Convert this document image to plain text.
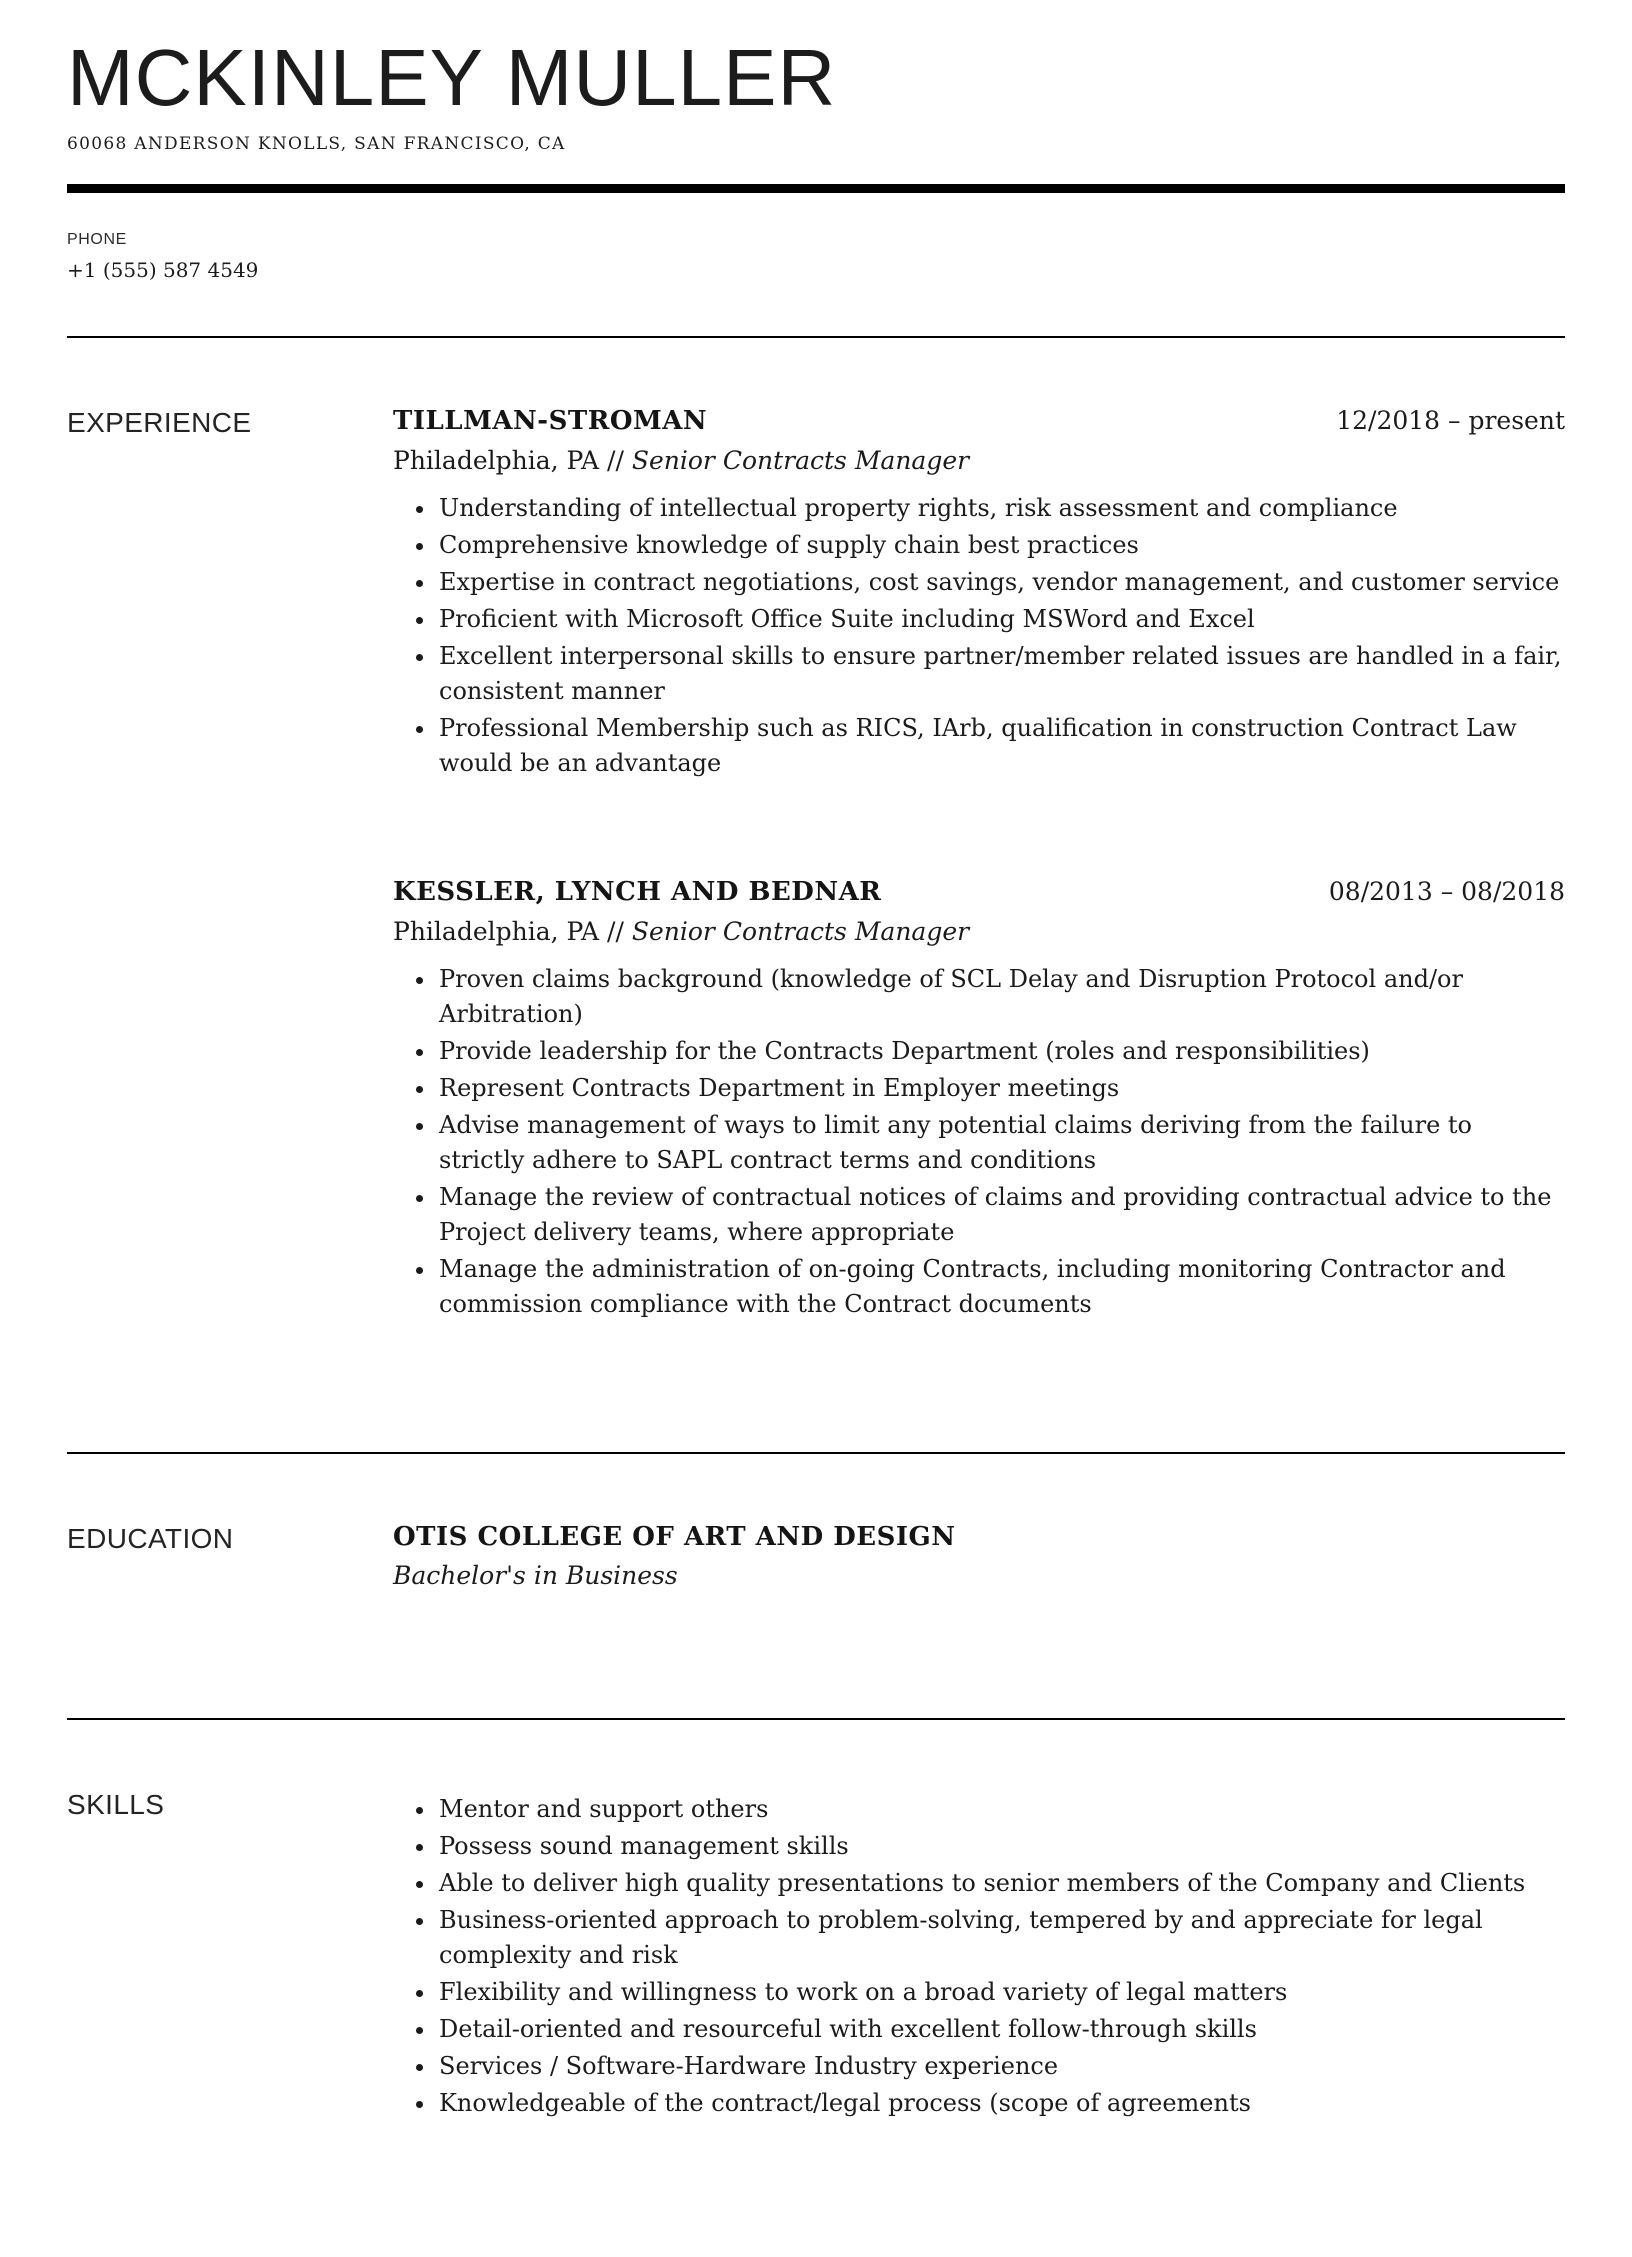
MCKINLEY MULLER
60068 ANDERSON KNOLLS, SAN FRANCISCO, CA
PHONE
+1 (555) 587 4549
EXPERIENCE	TILLMAN-STROMAN	12/2018 – present
Philadelphia, PA // Senior Contracts Manager
• Understanding of intellectual property rights, risk assessment and compliance
• Comprehensive knowledge of supply chain best practices
• Expertise in contract negotiations, cost savings, vendor management, and customer service
• Proficient with Microsoft Office Suite including MSWord and Excel
• Excellent interpersonal skills to ensure partner/member related issues are handled in a fair, consistent manner
• Professional Membership such as RICS, IArb, qualification in construction Contract Law would be an advantage
KESSLER, LYNCH AND BEDNAR	08/2013 – 08/2018
Philadelphia, PA // Senior Contracts Manager
• Proven claims background (knowledge of SCL Delay and Disruption Protocol and/or Arbitration)
• Provide leadership for the Contracts Department (roles and responsibilities)
• Represent Contracts Department in Employer meetings
• Advise management of ways to limit any potential claims deriving from the failure to strictly adhere to SAPL contract terms and conditions
• Manage the review of contractual notices of claims and providing contractual advice to the Project delivery teams, where appropriate
• Manage the administration of on-going Contracts, including monitoring Contractor and commission compliance with the Contract documents
EDUCATION	OTIS COLLEGE OF ART AND DESIGN
Bachelor's in Business
SKILLS	• Mentor and support others
• Possess sound management skills
• Able to deliver high quality presentations to senior members of the Company and Clients
• Business-oriented approach to problem-solving, tempered by and appreciate for legal complexity and risk
• Flexibility and willingness to work on a broad variety of legal matters
• Detail-oriented and resourceful with excellent follow-through skills
• Services / Software-Hardware Industry experience
• Knowledgeable of the contract/legal process (scope of agreements
